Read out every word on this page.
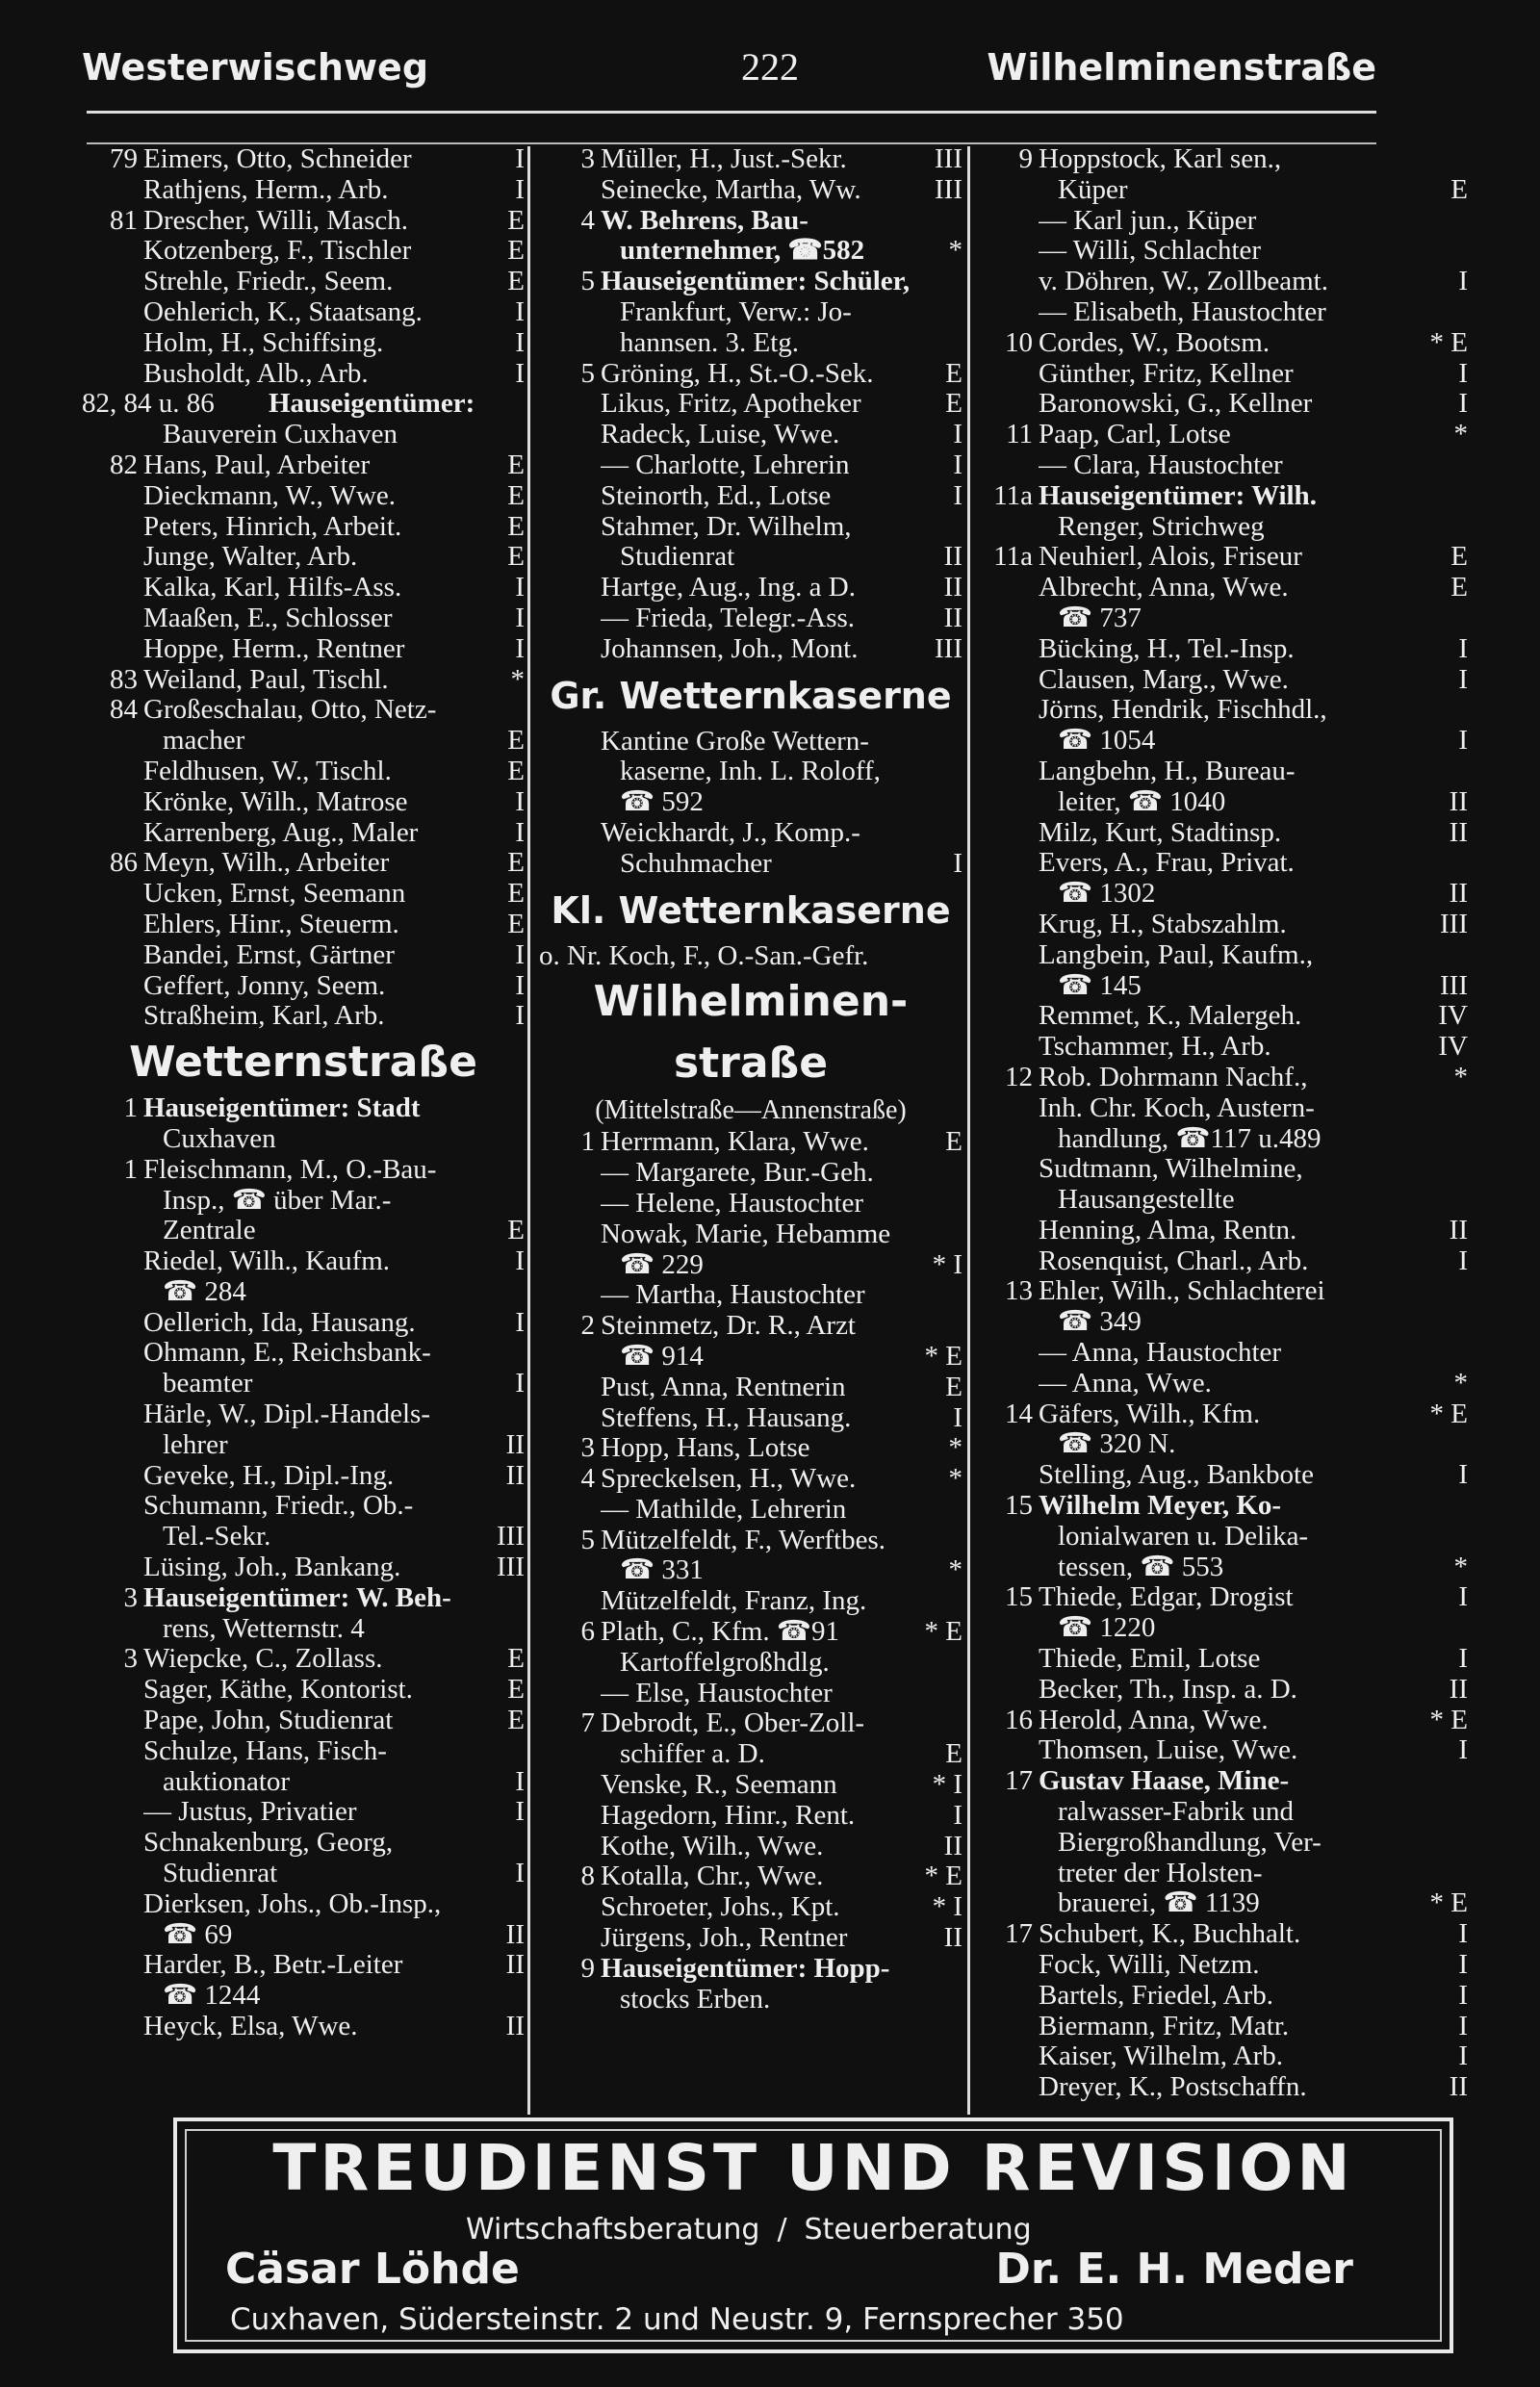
Westerwischweg	222	Wilhelminenstraße
79 Eimers, Otto, Schneider	I
Rathjens, Herm., Arb.	I
81 Drescher, Willi, Masch.	E
Kotzenberg, F., Tischler	E
Strehle, Friedr., Seem.	E
Oehlerich, K., Staatsang.	I
Holm, H., Schiffsing.	I
Busholdt, Alb., Arb.	I
82, 84 u. 86 Hauseigentümer:
Bauverein Cuxhaven
82 Hans, Paul, Arbeiter	E
Dieckmann, W., Wwe.	E
Peters, Hinrich, Arbeit.	E
Junge, Walter, Arb.	E
Kalka, Karl, Hilfs-Ass.	I
Maaßen, E., Schlosser	I
Hoppe, Herm., Rentner	I
83 Weiland, Paul, Tischl.	*
84 Großeschalau, Otto, Netz-
macher	E
Feldhusen, W., Tischl.	E
Krönke, Wilh., Matrose	I
Karrenberg, Aug., Maler	I
86 Meyn, Wilh., Arbeiter	E
Ucken, Ernst, Seemann	E
Ehlers, Hinr., Steuerm.	E
Bandei, Ernst, Gärtner	I
Geffert, Jonny, Seem.	I
Straßheim, Karl, Arb.	I
Wetternstraße
1 Hauseigentümer: Stadt
Cuxhaven
1 Fleischmann, M., O.-Bau-
Insp., ☎ über Mar.-
Zentrale	E
Riedel, Wilh., Kaufm.	I
☎ 284
Oellerich, Ida, Hausang.	I
Ohmann, E., Reichsbank-
beamter	I
Härle, W., Dipl.-Handels-
lehrer	II
Geveke, H., Dipl.-Ing.	II
Schumann, Friedr., Ob.-
Tel.-Sekr.	III
Lüsing, Joh., Bankang.	III
3 Hauseigentümer: W. Beh-
rens, Wetternstr. 4
3 Wiepcke, C., Zollass.	E
Sager, Käthe, Kontorist.	E
Pape, John, Studienrat	E
Schulze, Hans, Fisch-
auktionator	I
— Justus, Privatier	I
Schnakenburg, Georg,
Studienrat	I
Dierksen, Johs., Ob.-Insp.,
☎ 69	II
Harder, B., Betr.-Leiter	II
☎ 1244
Heyck, Elsa, Wwe.	II
3 Müller, H., Just.-Sekr.	III
Seinecke, Martha, Ww.	III
4 W. Behrens, Bau-
unternehmer, ☎582	*
5 Hauseigentümer: Schüler,
Frankfurt, Verw.: Jo-
hannsen. 3. Etg.
5 Gröning, H., St.-O.-Sek.	E
Likus, Fritz, Apotheker	E
Radeck, Luise, Wwe.	I
— Charlotte, Lehrerin	I
Steinorth, Ed., Lotse	I
Stahmer, Dr. Wilhelm,
Studienrat	II
Hartge, Aug., Ing. a D.	II
— Frieda, Telegr.-Ass.	II
Johannsen, Joh., Mont.	III
Gr. Wetternkaserne
Kantine Große Wettern-
kaserne, Inh. L. Roloff,
☎ 592
Weickhardt, J., Komp.-
Schuhmacher	I
Kl. Wetternkaserne
o. Nr. Koch, F., O.-San.-Gefr.
Wilhelminen-
straße
(Mittelstraße—Annenstraße)
1 Herrmann, Klara, Wwe.	E
— Margarete, Bur.-Geh.
— Helene, Haustochter
Nowak, Marie, Hebamme
☎ 229	* I
— Martha, Haustochter
2 Steinmetz, Dr. R., Arzt
☎ 914	* E
Pust, Anna, Rentnerin	E
Steffens, H., Hausang.	I
3 Hopp, Hans, Lotse	*
4 Spreckelsen, H., Wwe.	*
— Mathilde, Lehrerin
5 Mützelfeldt, F., Werftbes.
☎ 331	*
Mützelfeldt, Franz, Ing.
6 Plath, C., Kfm. ☎91	* E
Kartoffelgroßhdlg.
— Else, Haustochter
7 Debrodt, E., Ober-Zoll-
schiffer a. D.	E
Venske, R., Seemann	* I
Hagedorn, Hinr., Rent.	I
Kothe, Wilh., Wwe.	II
8 Kotalla, Chr., Wwe.	* E
Schroeter, Johs., Kpt.	* I
Jürgens, Joh., Rentner	II
9 Hauseigentümer: Hopp-
stocks Erben.
9 Hoppstock, Karl sen.,
Küper	E
— Karl jun., Küper
— Willi, Schlachter
v. Döhren, W., Zollbeamt.	I
— Elisabeth, Haustochter
10 Cordes, W., Bootsm.	* E
Günther, Fritz, Kellner	I
Baronowski, G., Kellner	I
11 Paap, Carl, Lotse	*
— Clara, Haustochter
11a Hauseigentümer: Wilh.
Renger, Strichweg
11a Neuhierl, Alois, Friseur	E
Albrecht, Anna, Wwe.	E
☎ 737
Bücking, H., Tel.-Insp.	I
Clausen, Marg., Wwe.	I
Jörns, Hendrik, Fischhdl.,
☎ 1054	I
Langbehn, H., Bureau-
leiter, ☎ 1040	II
Milz, Kurt, Stadtinsp.	II
Evers, A., Frau, Privat.
☎ 1302	II
Krug, H., Stabszahlm.	III
Langbein, Paul, Kaufm.,
☎ 145	III
Remmet, K., Malergeh.	IV
Tschammer, H., Arb.	IV
12 Rob. Dohrmann Nachf.,	*
Inh. Chr. Koch, Austern-
handlung, ☎117 u.489
Sudtmann, Wilhelmine,
Hausangestellte
Henning, Alma, Rentn.	II
Rosenquist, Charl., Arb.	I
13 Ehler, Wilh., Schlachterei
☎ 349
— Anna, Haustochter
— Anna, Wwe.	*
14 Gäfers, Wilh., Kfm.	* E
☎ 320 N.
Stelling, Aug., Bankbote	I
15 Wilhelm Meyer, Ko-
lonialwaren u. Delika-
tessen, ☎ 553	*
15 Thiede, Edgar, Drogist	I
☎ 1220
Thiede, Emil, Lotse	I
Becker, Th., Insp. a. D.	II
16 Herold, Anna, Wwe.	* E
Thomsen, Luise, Wwe.	I
17 Gustav Haase, Mine-
ralwasser-Fabrik und
Biergroßhandlung, Ver-
treter der Holsten-
brauerei, ☎ 1139	* E
17 Schubert, K., Buchhalt.	I
Fock, Willi, Netzm.	I
Bartels, Friedel, Arb.	I
Biermann, Fritz, Matr.	I
Kaiser, Wilhelm, Arb.	I
Dreyer, K., Postschaffn.	II
TREUDIENST UND REVISION
Wirtschaftsberatung / Steuerberatung
Cäsar Löhde	Dr. E. H. Meder
Cuxhaven, Südersteinstr. 2 und Neustr. 9, Fernsprecher 350
